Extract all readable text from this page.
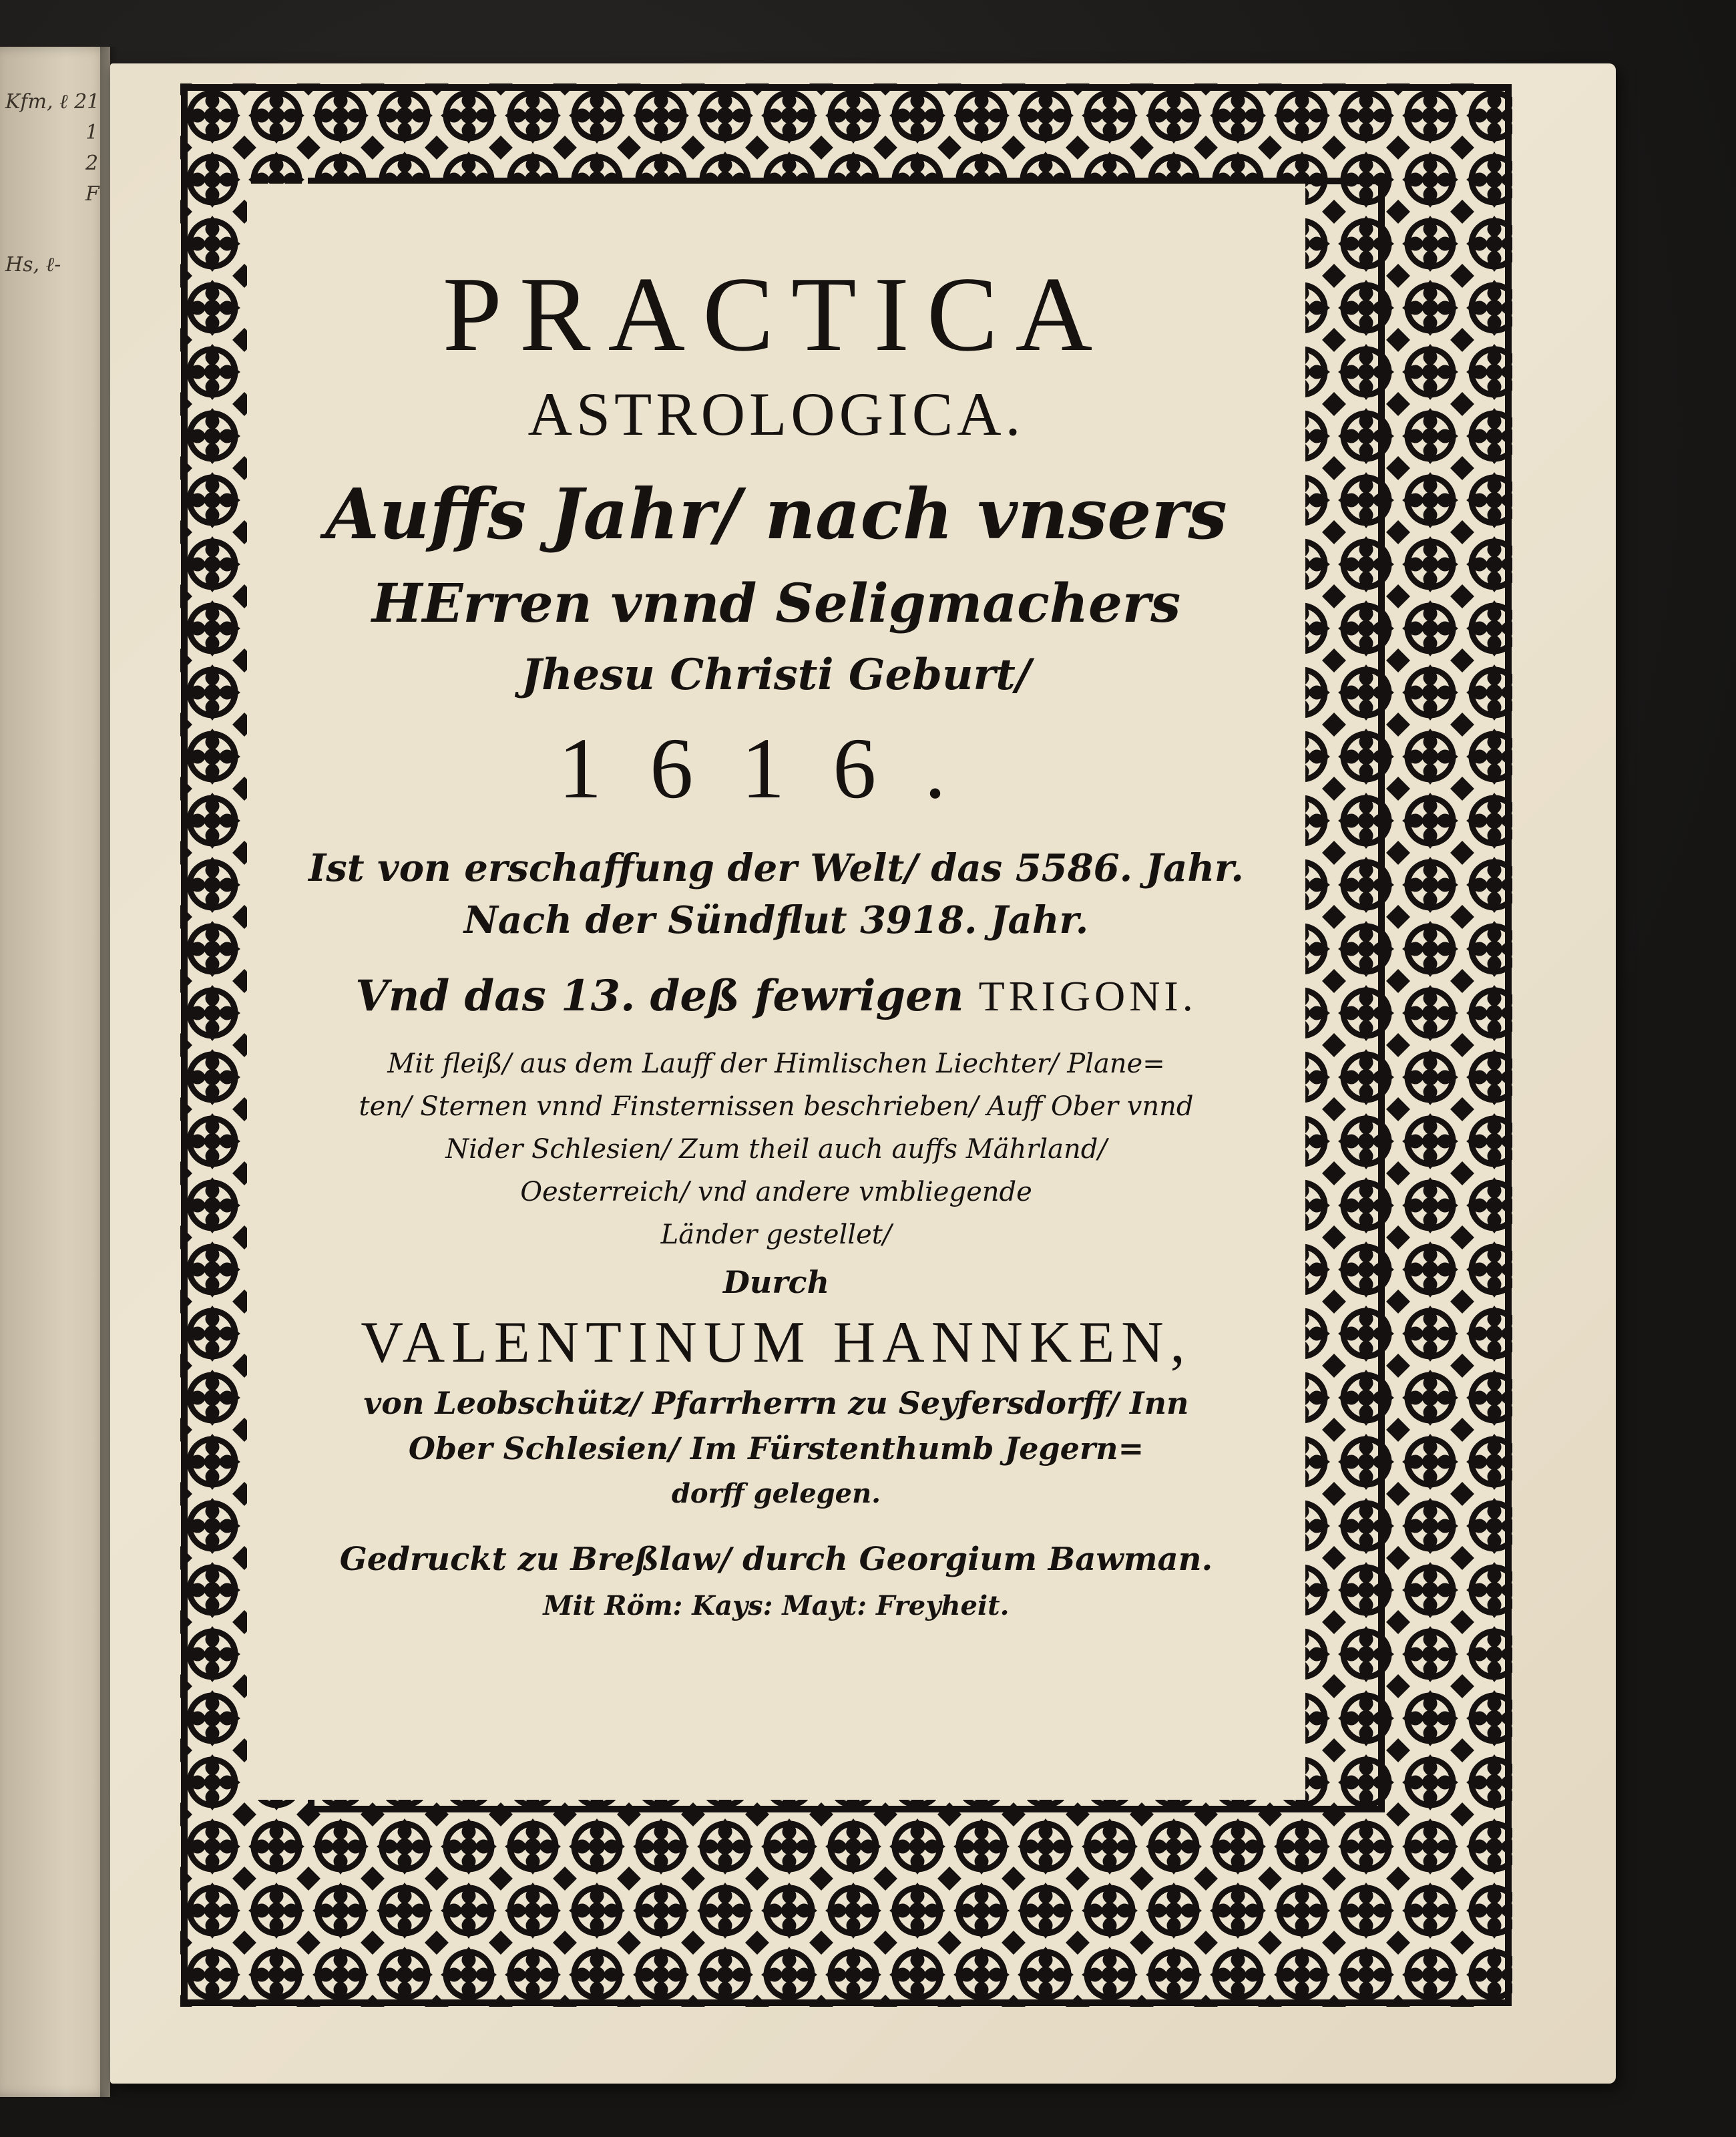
Kfm, ℓ 21
1
2
F
Hs, ℓ-	PRACTICA
ASTROLOGICA.
Auffs Jahr/ nach vnsers
HErren vnnd Seligmachers
Jhesu Christi Geburt/
1616.
Ist von erschaffung der Welt/ das 5586. Jahr.
Nach der Sündflut 3918. Jahr.
Vnd das 13. deß fewrigen TRIGONI.
Mit fleiß/ aus dem Lauff der Himlischen Liechter/ Plane=
ten/ Sternen vnnd Finsternissen beschrieben/ Auff Ober vnnd
Nider Schlesien/ Zum theil auch auffs Mährland/
Oesterreich/ vnd andere vmbliegende
Länder gestellet/
Durch
VALENTINUM HANNKEN,
von Leobschütz/ Pfarrherrn zu Seyfersdorff/ Inn
Ober Schlesien/ Im Fürstenthumb Jegern=
dorff gelegen.
Gedruckt zu Breßlaw/ durch Georgium Bawman.
Mit Röm: Kays: Mayt: Freyheit.
